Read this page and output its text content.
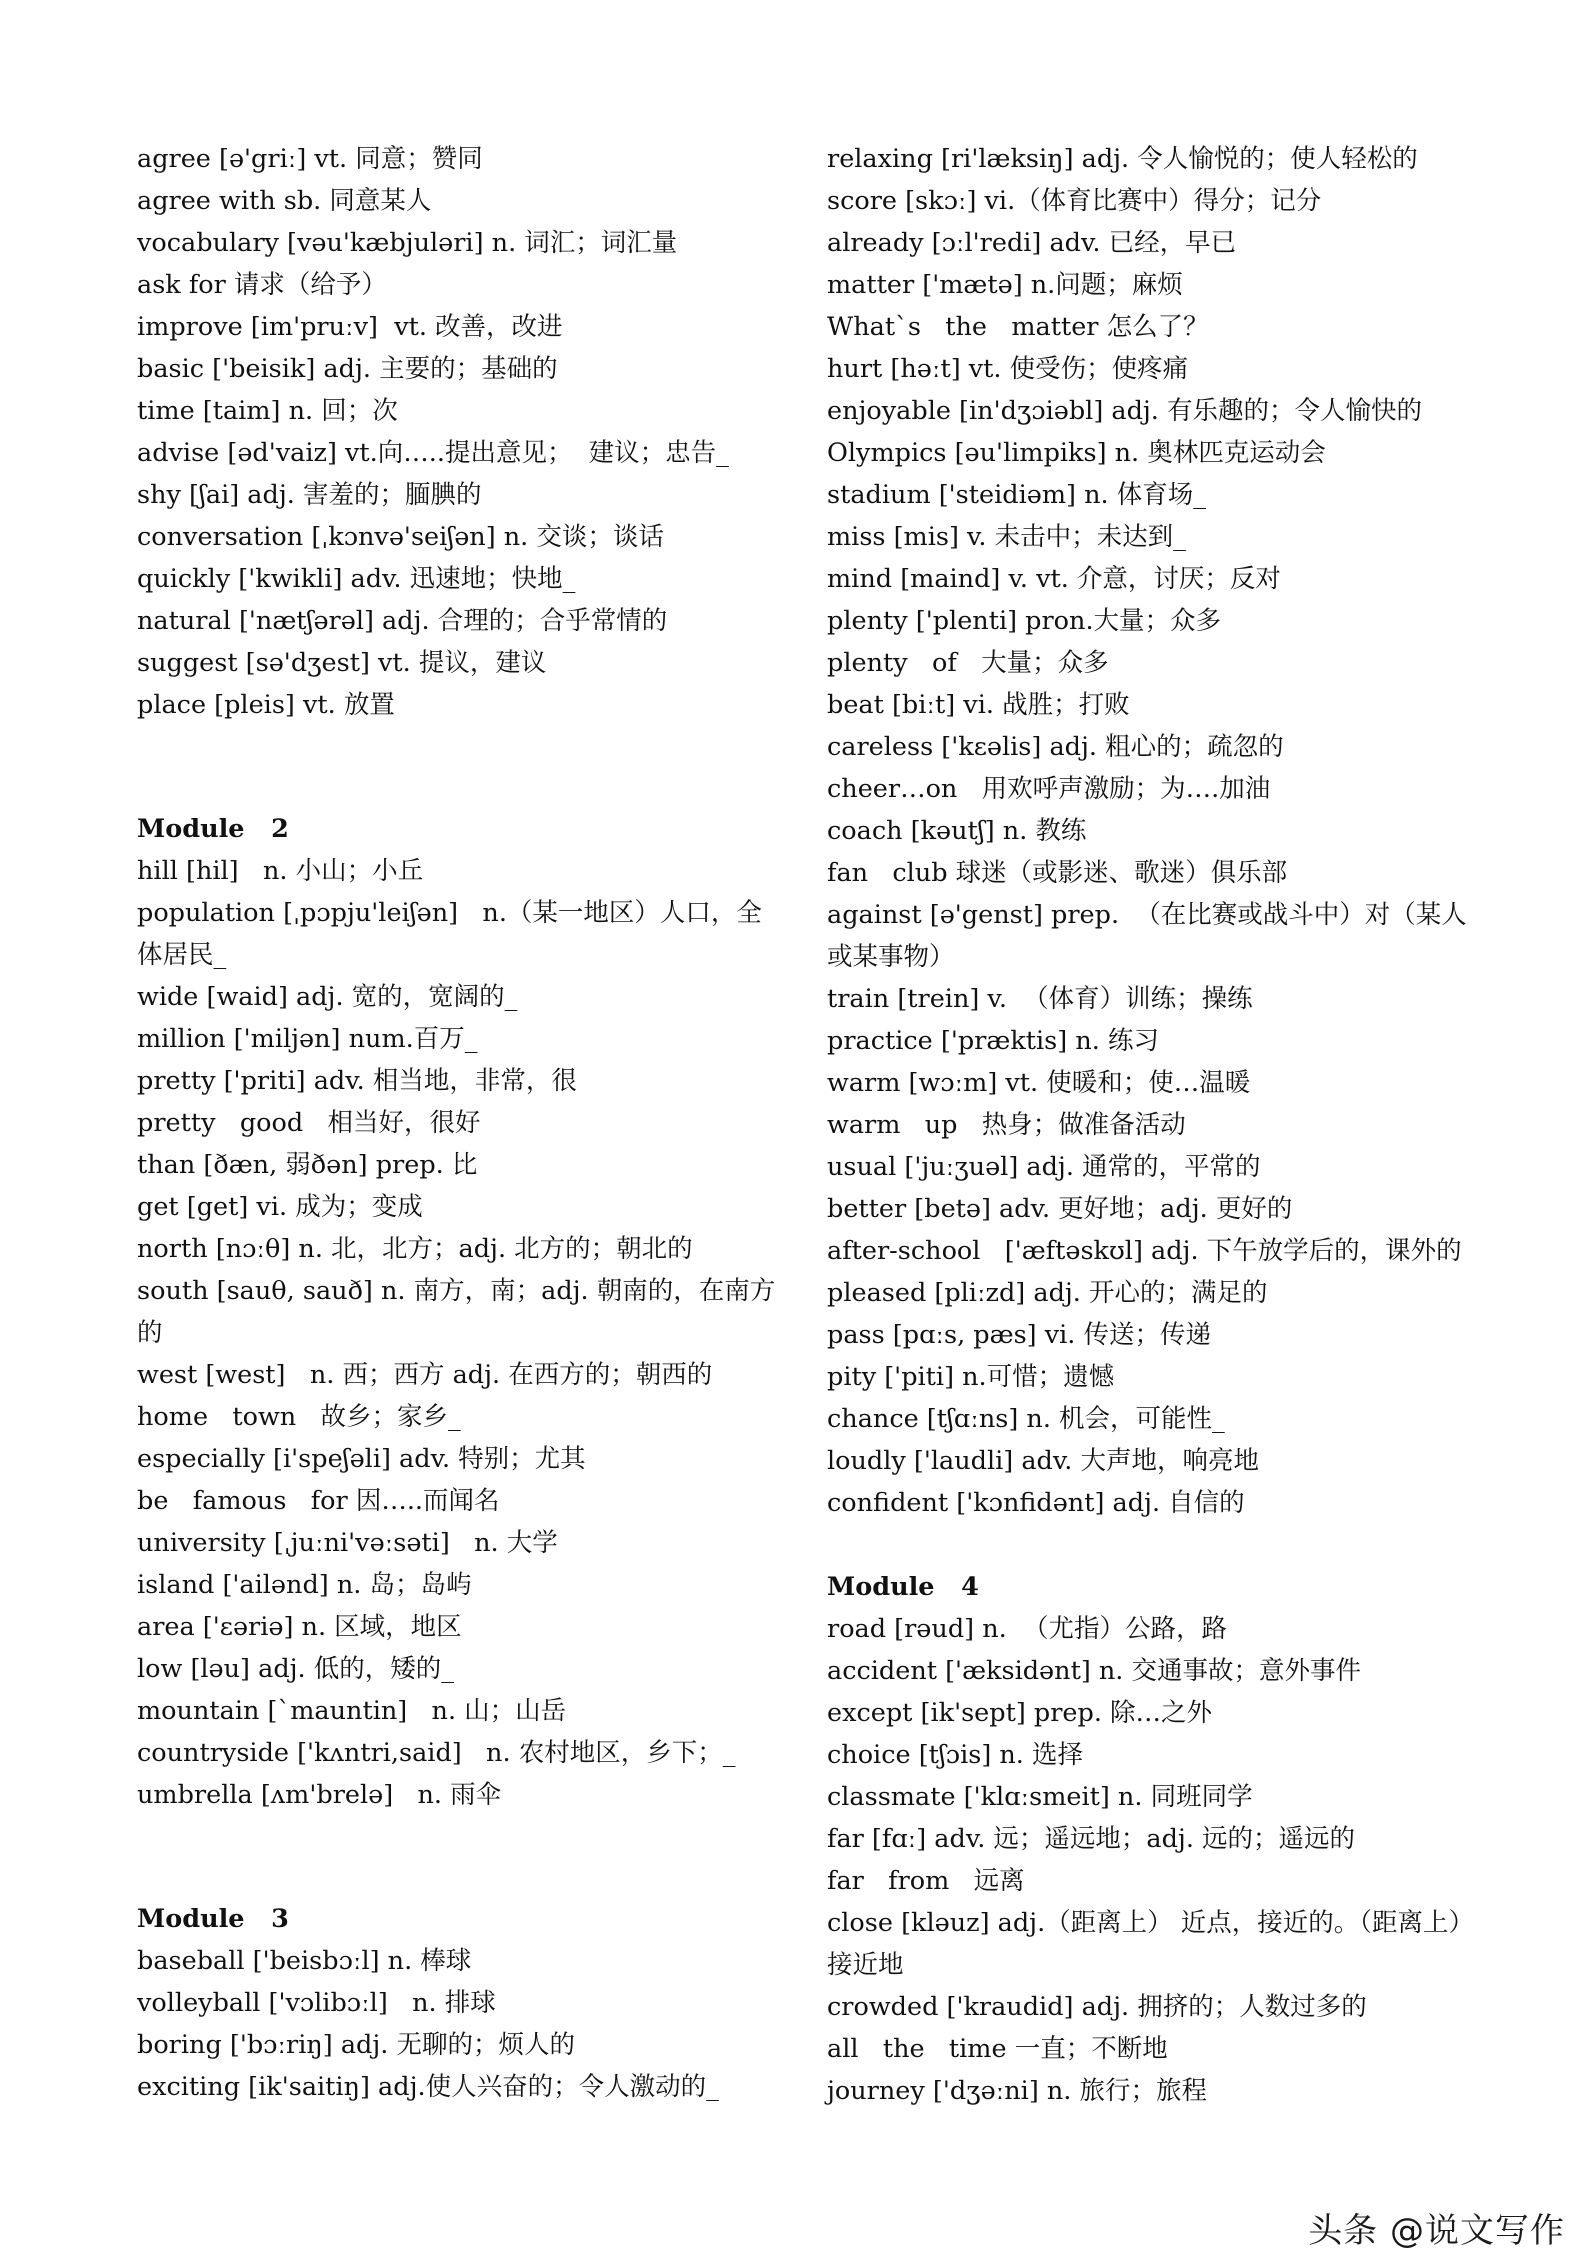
agree [ə'griː] vt. 同意；赞同
agree with sb. 同意某人
vocabulary [vəu'kæbjuləri] n. 词汇；词汇量
ask for 请求（给予）
improve [im'pruːv]  vt. 改善，改进
basic ['beisik] adj. 主要的；基础的
time [taim] n. 回；次
advise [əd'vaiz] vt.向…..提出意见；  建议；忠告_
shy [ʃai] adj. 害羞的；腼腆的
conversation [ˌkɔnvə'seiʃən] n. 交谈；谈话
quickly ['kwikli] adv. 迅速地；快地_
natural ['nætʃərəl] adj. 合理的；合乎常情的
suggest [sə'dʒest] vt. 提议，建议
place [pleis] vt. 放置
Module   2
hill [hil]   n. 小山；小丘
population [ˌpɔpju'leiʃən]   n.（某一地区）人口，全体居民_
wide [waid] adj. 宽的，宽阔的_
million ['miljən] num.百万_
pretty ['priti] adv. 相当地，非常，很
pretty   good   相当好，很好
than [ðæn, 弱ðən] prep. 比
get [get] vi. 成为；变成
north [nɔːθ] n. 北，北方；adj. 北方的；朝北的
south [sauθ, sauð] n. 南方，南；adj. 朝南的，在南方的
west [west]   n. 西；西方 adj. 在西方的；朝西的
home   town   故乡；家乡_
especially [i'speʃəli] adv. 特别；尤其
be   famous   for 因…..而闻名
university [ˌjuːni'vəːsəti]   n. 大学
island ['ailənd] n. 岛；岛屿
area ['ɛəriə] n. 区域，地区
low [ləu] adj. 低的，矮的_
mountain [`mauntin]   n. 山；山岳
countryside ['kʌntri,said]   n. 农村地区，乡下；_
umbrella [ʌm'brelə]   n. 雨伞
Module   3
baseball ['beisbɔːl] n. 棒球
volleyball ['vɔlibɔːl]   n. 排球
boring ['bɔːriŋ] adj. 无聊的；烦人的
exciting [ik'saitiŋ] adj.使人兴奋的；令人激动的_
relaxing [ri'læksiŋ] adj. 令人愉悦的；使人轻松的
score [skɔː] vi.（体育比赛中）得分；记分
already [ɔːl'redi] adv. 已经，早已
matter ['mætə] n.问题；麻烦
What`s   the   matter 怎么了？
hurt [həːt] vt. 使受伤；使疼痛
enjoyable [in'dʒɔiəbl] adj. 有乐趣的；令人愉快的
Olympics [əu'limpiks] n. 奥林匹克运动会
stadium ['steidiəm] n. 体育场_
miss [mis] v. 未击中；未达到_
mind [maind] v. vt. 介意，讨厌；反对
plenty ['plenti] pron.大量；众多
plenty   of   大量；众多
beat [biːt] vi. 战胜；打败
careless ['kɛəlis] adj. 粗心的；疏忽的
cheer…on   用欢呼声激励；为….加油
coach [kəutʃ] n. 教练
fan   club 球迷（或影迷、歌迷）俱乐部
against [ə'genst] prep.  （在比赛或战斗中）对（某人或某事物）
train [trein] v.  （体育）训练；操练
practice ['præktis] n. 练习
warm [wɔːm] vt. 使暖和；使…温暖
warm   up   热身；做准备活动
usual ['juːʒuəl] adj. 通常的，平常的
better [betə] adv. 更好地；adj. 更好的
after-school   ['æftəskʊl] adj. 下午放学后的，课外的
pleased [pliːzd] adj. 开心的；满足的
pass [pɑːs, pæs] vi. 传送；传递
pity ['piti] n.可惜；遗憾
chance [tʃɑːns] n. 机会，可能性_
loudly ['laudli] adv. 大声地，响亮地
confident ['kɔnfidənt] adj. 自信的
Module   4
road [rəud] n.  （尤指）公路，路
accident ['æksidənt] n. 交通事故；意外事件
except [ik'sept] prep. 除…之外
choice [tʃɔis] n. 选择
classmate ['klɑːsmeit] n. 同班同学
far [fɑː] adv. 远；遥远地；adj. 远的；遥远的
far   from   远离
close [kləuz] adj.（距离上） 近点，接近的。（距离上）接近地
crowded ['kraudid] adj. 拥挤的；人数过多的
all   the   time 一直；不断地
journey ['dʒəːni] n. 旅行；旅程
头条 @说文写作
